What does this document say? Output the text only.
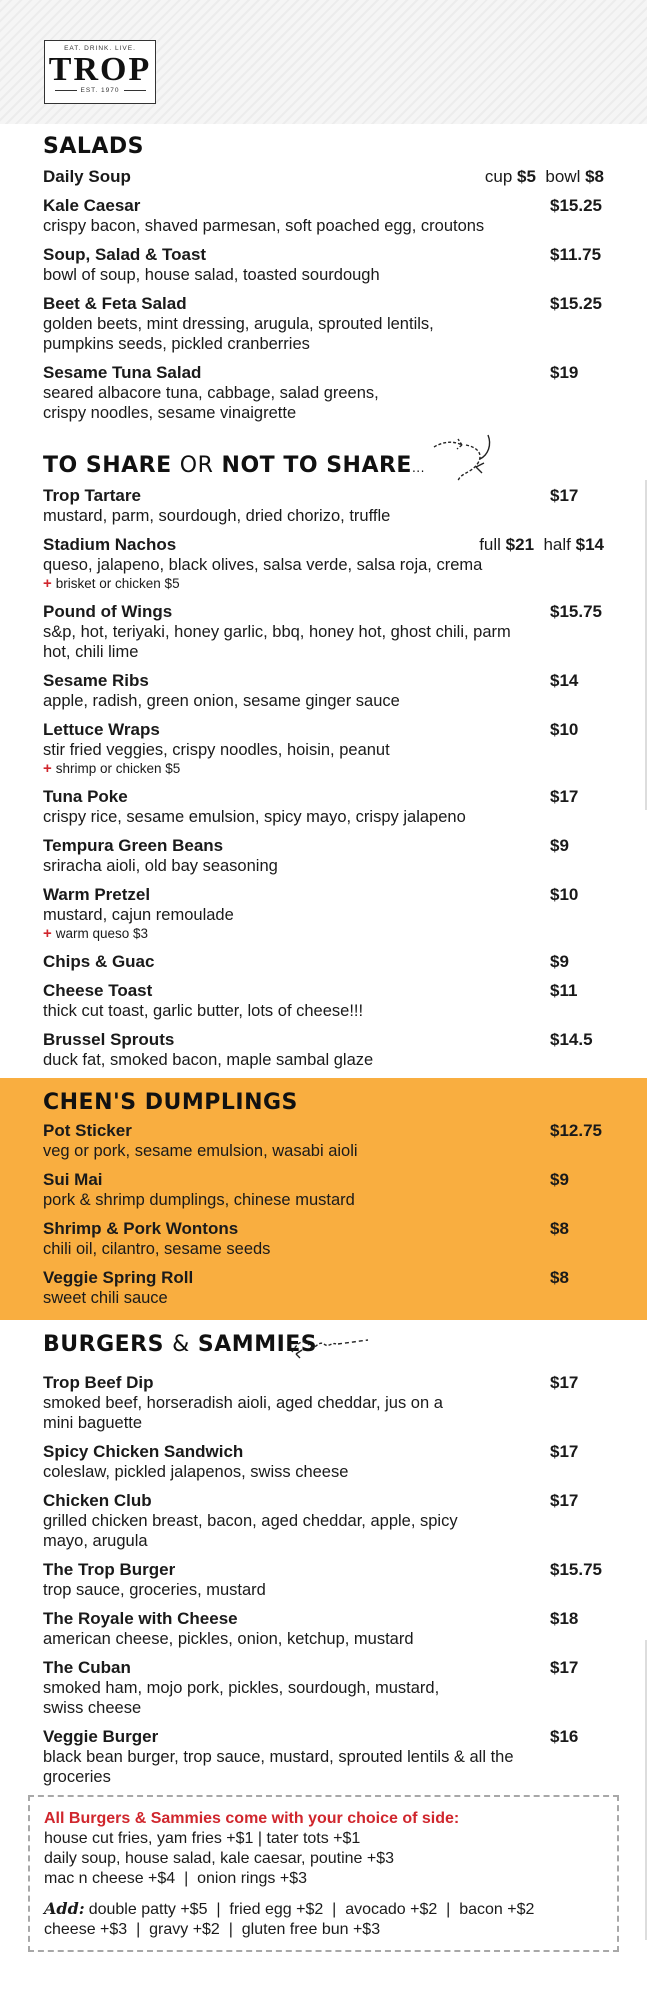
EAT. DRINK. LIVE.
TROP
EST. 1970
SALADS
Daily Soup	cup $5  bowl $8
Kale Caesar
crispy bacon, shaved parmesan, soft poached egg, croutons
$15.25
Soup, Salad & Toast
bowl of soup, house salad, toasted sourdough
$11.75
Beet & Feta Salad
golden beets, mint dressing, arugula, sprouted lentils, pumpkins seeds, pickled cranberries
$15.25
Sesame Tuna Salad
seared albacore tuna, cabbage, salad greens, crispy noodles, sesame vinaigrette
$19
TO SHARE OR NOT TO SHARE...
Trop Tartare
mustard, parm, sourdough, dried chorizo, truffle
$17
Stadium Nachos
queso, jalapeno, black olives, salsa verde, salsa roja, crema
+ brisket or chicken $5
full $21  half $14
Pound of Wings
s&p, hot, teriyaki, honey garlic, bbq, honey hot, ghost chili, parm hot, chili lime
$15.75
Sesame Ribs
apple, radish, green onion, sesame ginger sauce
$14
Lettuce Wraps
stir fried veggies, crispy noodles, hoisin, peanut
+ shrimp or chicken $5
$10
Tuna Poke
crispy rice, sesame emulsion, spicy mayo, crispy jalapeno
$17
Tempura Green Beans
sriracha aioli, old bay seasoning
$9
Warm Pretzel
mustard, cajun remoulade
+ warm queso $3
$10
Chips & Guac	$9
Cheese Toast
thick cut toast, garlic butter, lots of cheese!!!
$11
Brussel Sprouts
duck fat, smoked bacon, maple sambal glaze
$14.5
CHEN'S DUMPLINGS
Pot Sticker
veg or pork, sesame emulsion, wasabi aioli
$12.75
Sui Mai
pork & shrimp dumplings, chinese mustard
$9
Shrimp & Pork Wontons
chili oil, cilantro, sesame seeds
$8
Veggie Spring Roll
sweet chili sauce
$8
BURGERS & SAMMIES
Trop Beef Dip
smoked beef, horseradish aioli, aged cheddar, jus on a mini baguette
$17
Spicy Chicken Sandwich
coleslaw, pickled jalapenos, swiss cheese
$17
Chicken Club
grilled chicken breast, bacon, aged cheddar, apple, spicy mayo, arugula
$17
The Trop Burger
trop sauce, groceries, mustard
$15.75
The Royale with Cheese
american cheese, pickles, onion, ketchup, mustard
$18
The Cuban
smoked ham, mojo pork, pickles, sourdough, mustard, swiss cheese
$17
Veggie Burger
black bean burger, trop sauce, mustard, sprouted lentils & all the groceries
$16
All Burgers & Sammies come with your choice of side:
house cut fries, yam fries +$1 | tater tots +$1
daily soup, house salad, kale caesar, poutine +$3
mac n cheese +$4  |  onion rings +$3
Add: double patty +$5  |  fried egg +$2  |  avocado +$2  |  bacon +$2
cheese +$3  |  gravy +$2  |  gluten free bun +$3
